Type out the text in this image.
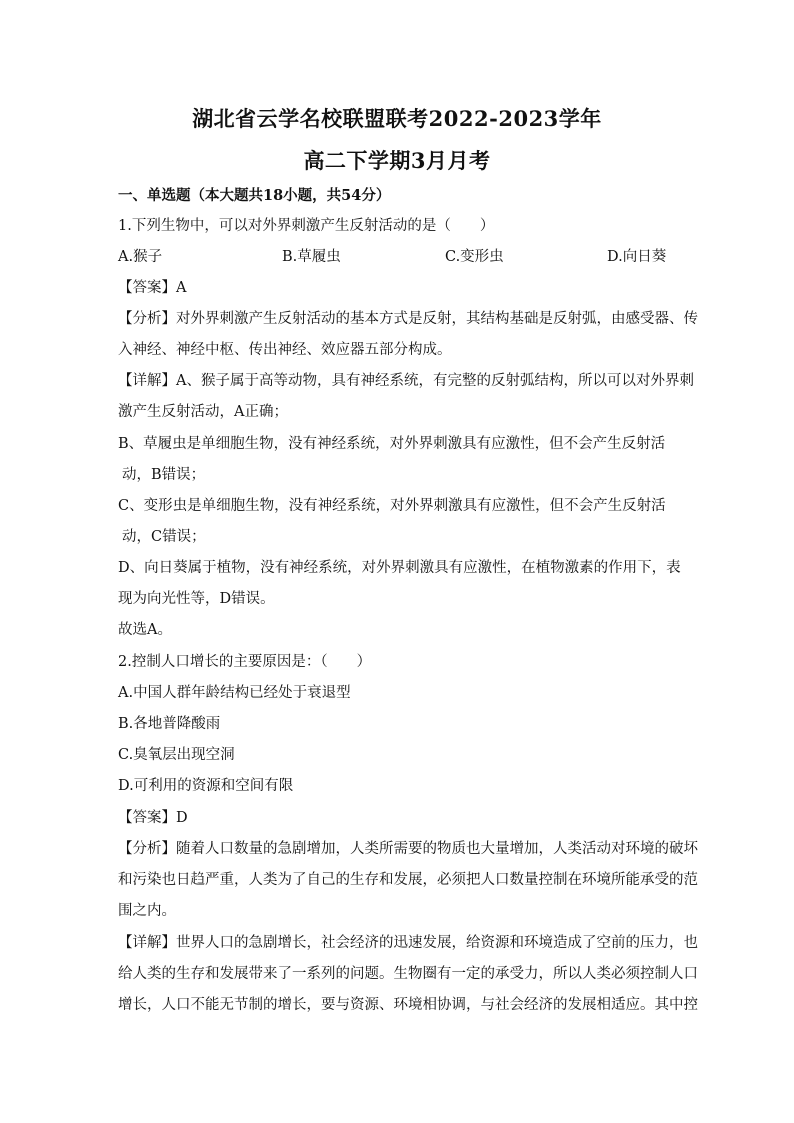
湖北省云学名校联盟联考2022-2023学年
高二下学期3月月考
一、单选题（本大题共18小题，共54分）
1.下列生物中，可以对外界刺激产生反射活动的是（　　）
A.猴子	B.草履虫	C.变形虫	D.向日葵
【答案】A
【分析】对外界刺激产生反射活动的基本方式是反射，其结构基础是反射弧，由感受器、传
入神经、神经中枢、传出神经、效应器五部分构成。
【详解】A、猴子属于高等动物，具有神经系统，有完整的反射弧结构，所以可以对外界刺
激产生反射活动，A正确；
B、草履虫是单细胞生物，没有神经系统，对外界刺激具有应激性，但不会产生反射活
动，B错误；
C、变形虫是单细胞生物，没有神经系统，对外界刺激具有应激性，但不会产生反射活
动，C错误；
D、向日葵属于植物，没有神经系统，对外界刺激具有应激性，在植物激素的作用下，表
现为向光性等，D错误。
故选A。
2.控制人口增长的主要原因是：（　　）
A.中国人群年龄结构已经处于衰退型
B.各地普降酸雨
C.臭氧层出现空洞
D.可利用的资源和空间有限
【答案】D
【分析】随着人口数量的急剧增加，人类所需要的物质也大量增加，人类活动对环境的破坏
和污染也日趋严重，人类为了自己的生存和发展，必须把人口数量控制在环境所能承受的范
围之内。
【详解】世界人口的急剧增长，社会经济的迅速发展，给资源和环境造成了空前的压力，也
给人类的生存和发展带来了一系列的问题。生物圈有一定的承受力，所以人类必须控制人口
增长，人口不能无节制的增长，要与资源、环境相协调，与社会经济的发展相适应。其中控
